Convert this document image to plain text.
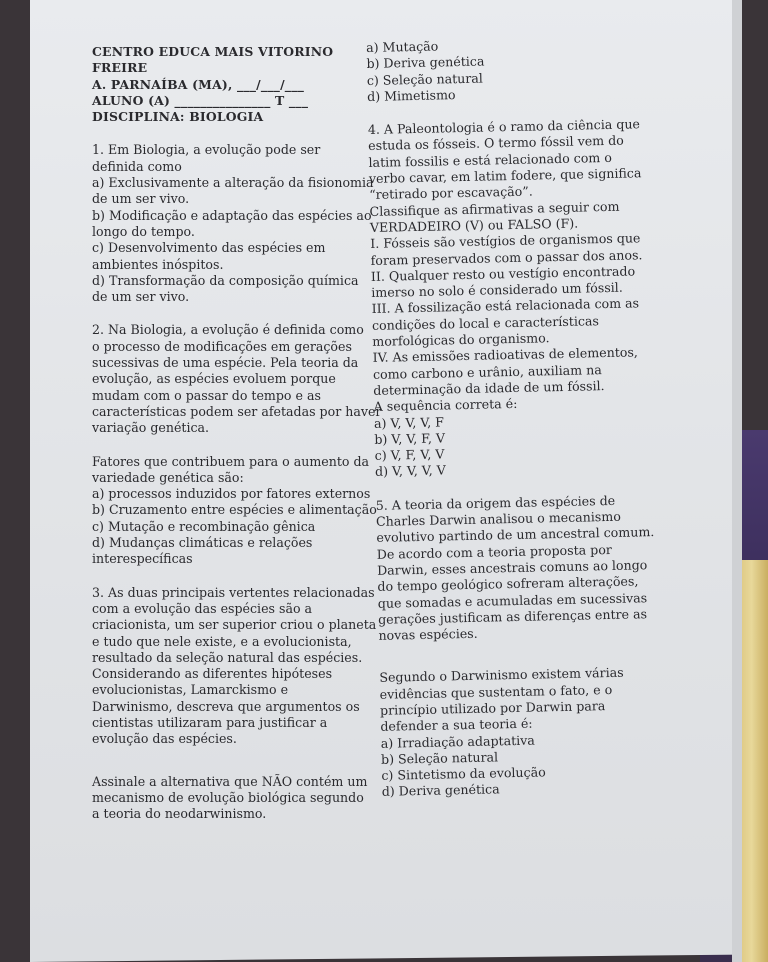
CENTRO EDUCA MAIS VITORINO
FREIRE
A. PARNAÍBA (MA), ___/___/___
ALUNO (A) _______________ T ___
DISCIPLINA: BIOLOGIA
1. Em Biologia, a evolução pode ser
definida como
a) Exclusivamente a alteração da fisionomia
de um ser vivo.
b) Modificação e adaptação das espécies ao
longo do tempo.
c) Desenvolvimento das espécies em
ambientes inóspitos.
d) Transformação da composição química
de um ser vivo.
2. Na Biologia, a evolução é definida como
o processo de modificações em gerações
sucessivas de uma espécie. Pela teoria da
evolução, as espécies evoluem porque
mudam com o passar do tempo e as
características podem ser afetadas por haver
variação genética.
Fatores que contribuem para o aumento da
variedade genética são:
a) processos induzidos por fatores externos
b) Cruzamento entre espécies e alimentação
c) Mutação e recombinação gênica
d) Mudanças climáticas e relações
interespecíficas
3. As duas principais vertentes relacionadas
com a evolução das espécies são a
criacionista, um ser superior criou o planeta
e tudo que nele existe, e a evolucionista,
resultado da seleção natural das espécies.
Considerando as diferentes hipóteses
evolucionistas, Lamarckismo e
Darwinismo, descreva que argumentos os
cientistas utilizaram para justificar a
evolução das espécies.
Assinale a alternativa que NÃO contém um
mecanismo de evolução biológica segundo
a teoria do neodarwinismo.
a) Mutação
b) Deriva genética
c) Seleção natural
d) Mimetismo
4. A Paleontologia é o ramo da ciência que
estuda os fósseis. O termo fóssil vem do
latim fossilis e está relacionado com o
verbo cavar, em latim fodere, que significa
“retirado por escavação”.
Classifique as afirmativas a seguir com
VERDADEIRO (V) ou FALSO (F).
I. Fósseis são vestígios de organismos que
foram preservados com o passar dos anos.
II. Qualquer resto ou vestígio encontrado
imerso no solo é considerado um fóssil.
III. A fossilização está relacionada com as
condições do local e características
morfológicas do organismo.
IV. As emissões radioativas de elementos,
como carbono e urânio, auxiliam na
determinação da idade de um fóssil.
A sequência correta é:
a) V, V, V, F
b) V, V, F, V
c) V, F, V, V
d) V, V, V, V
5. A teoria da origem das espécies de
Charles Darwin analisou o mecanismo
evolutivo partindo de um ancestral comum.
De acordo com a teoria proposta por
Darwin, esses ancestrais comuns ao longo
do tempo geológico sofreram alterações,
que somadas e acumuladas em sucessivas
gerações justificam as diferenças entre as
novas espécies.
Segundo o Darwinismo existem várias
evidências que sustentam o fato, e o
princípio utilizado por Darwin para
defender a sua teoria é:
a) Irradiação adaptativa
b) Seleção natural
c) Sintetismo da evolução
d) Deriva genética
